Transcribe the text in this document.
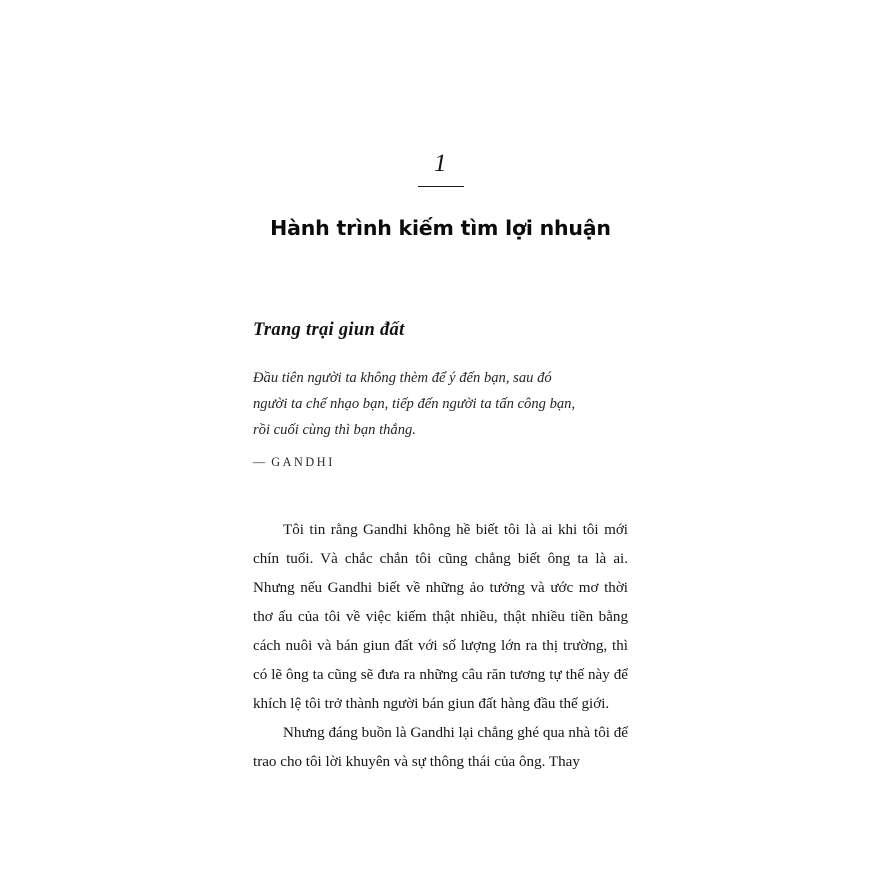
1
Hành trình kiếm tìm lợi nhuận
Trang trại giun đất
Đầu tiên người ta không thèm để ý đến bạn, sau đó
người ta chế nhạo bạn, tiếp đến người ta tấn công bạn,
rồi cuối cùng thì bạn thắng.
— GANDHI

Tôi tin rằng Gandhi không hề biết tôi là ai khi tôi mới chín tuổi. Và chắc chắn tôi cũng chẳng biết ông ta là ai. Nhưng nếu Gandhi biết về những ảo tưởng và ước mơ thời thơ ấu của tôi về việc kiếm thật nhiều, thật nhiều tiền bằng cách nuôi và bán giun đất với số lượng lớn ra thị trường, thì có lẽ ông ta cũng sẽ đưa ra những câu răn tương tự thế này để khích lệ tôi trở thành người bán giun đất hàng đầu thế giới.

Nhưng đáng buồn là Gandhi lại chẳng ghé qua nhà tôi để trao cho tôi lời khuyên và sự thông thái của ông. Thay
